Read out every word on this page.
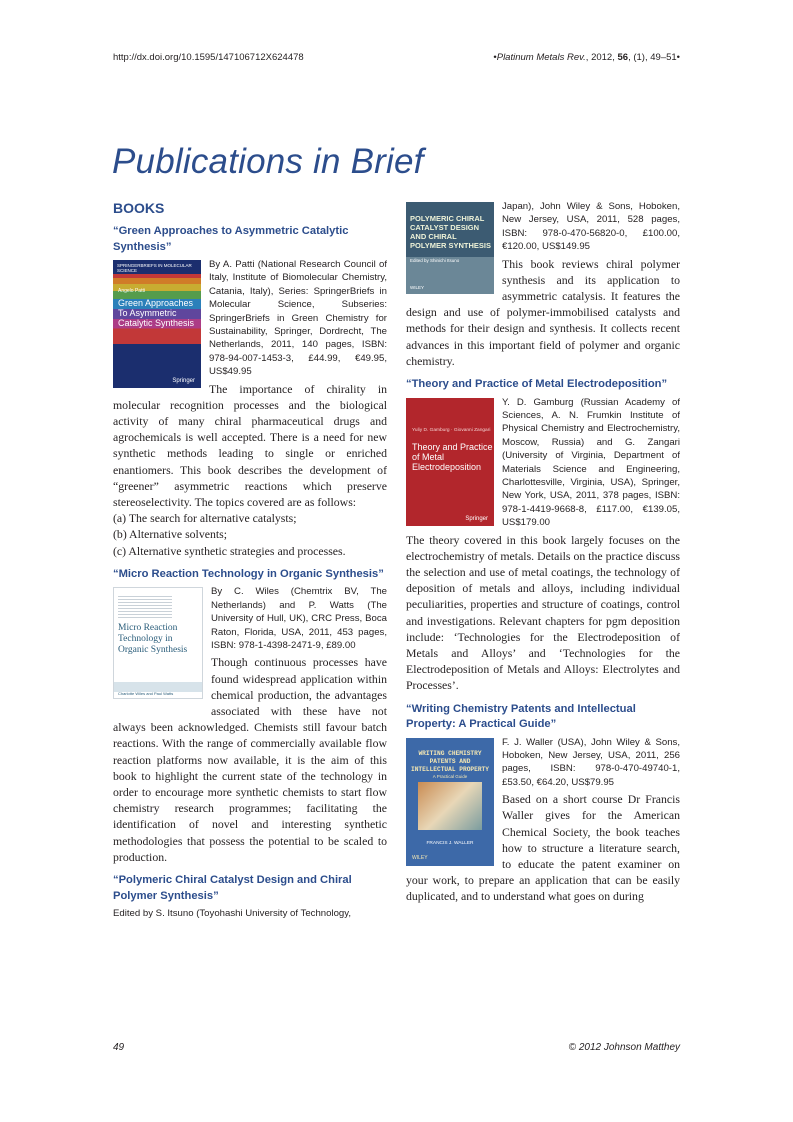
http://dx.doi.org/10.1595/147106712X624478	•Platinum Metals Rev., 2012, 56, (1), 49–51•
Publications in Brief
BOOKS
“Green Approaches to Asymmetric Catalytic Synthesis”
SPRINGERBRIEFS IN MOLECULAR SCIENCE
Angelo Patti
Green Approaches To Asymmetric Catalytic Synthesis
Springer
By A. Patti (National Research Council of Italy, Institute of Biomolecular Chemistry, Catania, Italy), Series: SpringerBriefs in Molecular Science, Subseries: SpringerBriefs in Green Chemistry for Sustainability, Springer, Dordrecht, The Netherlands, 2011, 140 pages, ISBN: 978-94-007-1453-3, £44.99, €49.95, US$49.95
The importance of chirality in molecular recognition processes and the biological activity of many chiral pharmaceutical drugs and agrochemicals is well accepted. There is a need for new synthetic methods leading to single or enriched enantiomers. This book describes the development of “greener” asymmetric reactions which preserve stereoselectivity. The topics covered are as follows:
(a) The search for alternative catalysts;
(b) Alternative solvents;
(c) Alternative synthetic strategies and processes.
“Micro Reaction Technology in Organic Synthesis”
Micro Reaction Technology in Organic Synthesis
Charlotte Wiles and Paul Watts
By C. Wiles (Chemtrix BV, The Netherlands) and P. Watts (The University of Hull, UK), CRC Press, Boca Raton, Florida, USA, 2011, 453 pages, ISBN: 978-1-4398-2471-9, £89.00
Though continuous processes have found widespread application within chemical production, the advantages associated with these have not always been acknowledged. Chemists still favour batch reactions. With the range of commercially available flow reaction platforms now available, it is the aim of this book to highlight the current state of the technology in order to encourage more synthetic chemists to start flow chemistry research programmes; facilitating the identification of novel and interesting synthetic methodologies that possess the potential to be scaled to production.
“Polymeric Chiral Catalyst Design and Chiral Polymer Synthesis”
Edited by S. Itsuno (Toyohashi University of Technology,
POLYMERIC CHIRAL CATALYST DESIGN AND CHIRAL POLYMER SYNTHESIS
Edited by Shinichi Itsuno
WILEY
Japan), John Wiley & Sons, Hoboken, New Jersey, USA, 2011, 528 pages, ISBN: 978-0-470-56820-0, £100.00, €120.00, US$149.95
This book reviews chiral polymer synthesis and its application to asymmetric catalysis. It features the design and use of polymer-immobilised catalysts and methods for their design and synthesis. It collects recent advances in this important field of polymer and organic chemistry.
“Theory and Practice of Metal Electrodeposition”
Yuliy D. Gamburg · Giovanni Zangari
Theory and Practice of Metal Electrodeposition
Springer
Y. D. Gamburg (Russian Academy of Sciences, A. N. Frumkin Institute of Physical Chemistry and Electrochemistry, Moscow, Russia) and G. Zangari (University of Virginia, Department of Materials Science and Engineering, Charlottesville, Virginia, USA), Springer, New York, USA, 2011, 378 pages, ISBN: 978-1-4419-9668-8, £117.00, €139.05, US$179.00
The theory covered in this book largely focuses on the electrochemistry of metals. Details on the practice discuss the selection and use of metal coatings, the technology of deposition of metals and alloys, including individual peculiarities, properties and structure of coatings, control and investigations. Relevant chapters for pgm deposition include: ‘Technologies for the Electrodeposition of Metals and Alloys’ and ‘Technologies for the Electrodeposition of Metals and Alloys: Electrolytes and Processes’.
“Writing Chemistry Patents and Intellectual Property: A Practical Guide”
WRITING CHEMISTRY PATENTS AND INTELLECTUAL PROPERTY
A Practical Guide
FRANCIS J. WALLER
WILEY
F. J. Waller (USA), John Wiley & Sons, Hoboken, New Jersey, USA, 2011, 256 pages, ISBN: 978-0-470-49740-1, £53.50, €64.20, US$79.95
Based on a short course Dr Francis Waller gives for the American Chemical Society, the book teaches how to structure a literature search, to educate the patent examiner on your work, to prepare an application that can be easily duplicated, and to understand what goes on during
49	© 2012 Johnson Matthey
